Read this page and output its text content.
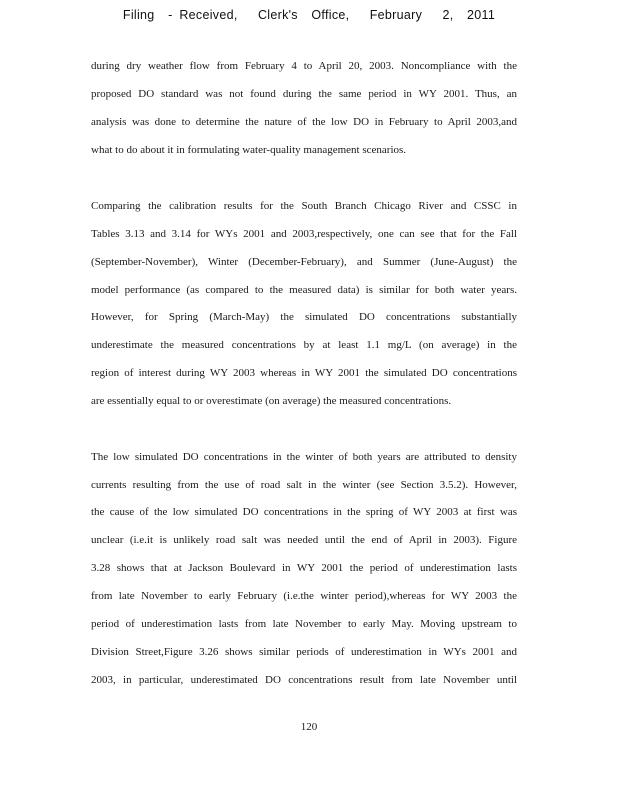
Filing  - Received,   Clerk's  Office,   February   2,  2011
during dry weather flow from February 4 to April 20, 2003. Noncompliance with the
proposed DO standard was not found during the same period in WY 2001. Thus, an
analysis was done to determine the nature of the low DO in February to April 2003,and
what to do about it in formulating water-quality management scenarios.
Comparing the calibration results for the South Branch Chicago River and CSSC in
Tables 3.13 and 3.14 for WYs 2001 and 2003,respectively, one can see that for the Fall
(September-November), Winter (December-February), and Summer (June-August) the
model performance (as compared to the measured data) is similar for both water years.
However, for Spring (March-May) the simulated DO concentrations substantially
underestimate the measured concentrations by at least 1.1 mg/L (on average) in the
region of interest during WY 2003 whereas in WY 2001 the simulated DO concentrations
are essentially equal to or overestimate (on average) the measured concentrations.
The low simulated DO concentrations in the winter of both years are attributed to density
currents resulting from the use of road salt in the winter (see Section 3.5.2). However,
the cause of the low simulated DO concentrations in the spring of WY 2003 at first was
unclear (i.e.it is unlikely road salt was needed until the end of April in 2003). Figure
3.28 shows that at Jackson Boulevard in WY 2001 the period of underestimation lasts
from late November to early February (i.e.the winter period),whereas for WY 2003 the
period of underestimation lasts from late November to early May. Moving upstream to
Division Street,Figure 3.26 shows similar periods of underestimation in WYs 2001 and
2003, in particular, underestimated DO concentrations result from late November until
120
